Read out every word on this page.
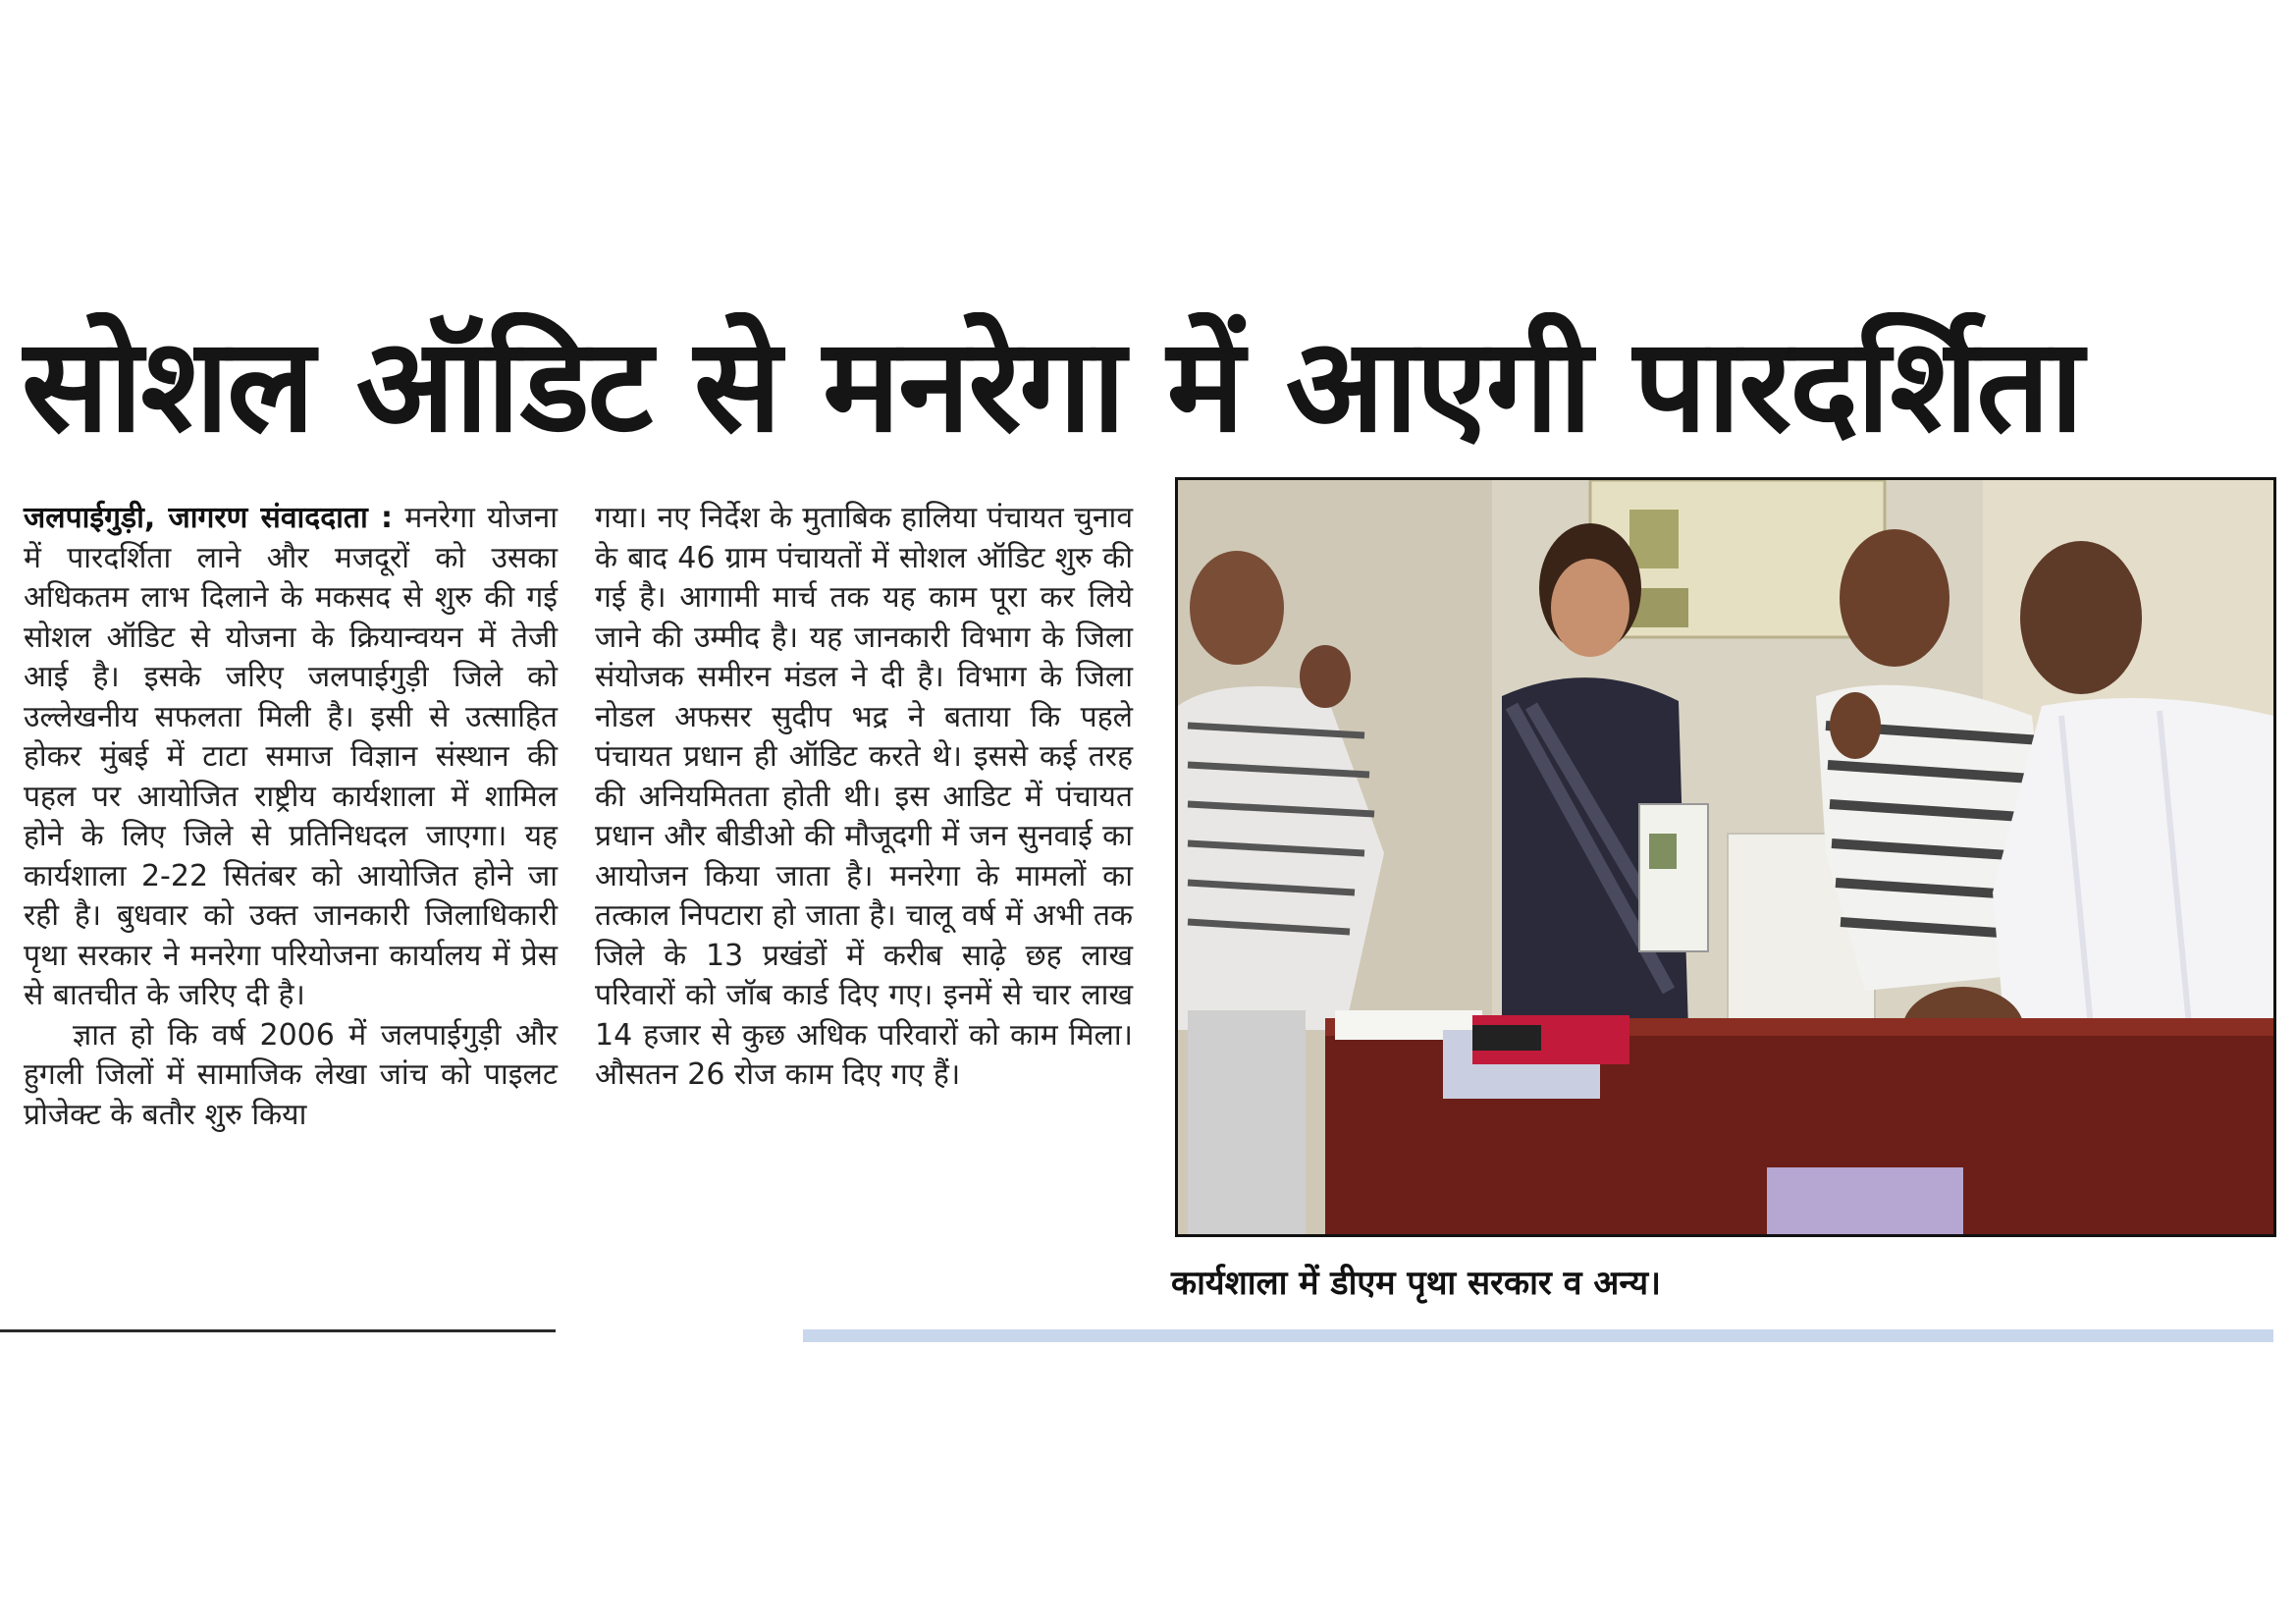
सोशल ऑडिट से मनरेगा में आएगी पारदर्शिता

जलपाईगुड़ी, जागरण संवाददाता : मनरेगा योजना में पारदर्शिता लाने और मजदूरों को उसका अधिकतम लाभ दिलाने के मकसद से शुरु की गई सोशल ऑडिट से योजना के क्रियान्वयन में तेजी आई है। इसके जरिए जलपाईगुड़ी जिले को उल्लेखनीय सफलता मिली है। इसी से उत्साहित होकर मुंबई में टाटा समाज विज्ञान संस्थान की पहल पर आयोजित राष्ट्रीय कार्यशाला में शामिल होने के लिए जिले से प्रतिनिधदल जाएगा। यह कार्यशाला 2-22 सितंबर को आयोजित होने जा रही है। बुधवार को उक्त जानकारी जिलाधिकारी पृथा सरकार ने मनरेगा परियोजना कार्यालय में प्रेस से बातचीत के जरिए दी है।

ज्ञात हो कि वर्ष 2006 में जलपाईगुड़ी और हुगली जिलों में सामाजिक लेखा जांच को पाइलट प्रोजेक्ट के बतौर शुरु किया

गया। नए निर्देश के मुताबिक हालिया पंचायत चुनाव के बाद 46 ग्राम पंचायतों में सोशल ऑडिट शुरु की गई है। आगामी मार्च तक यह काम पूरा कर लिये जाने की उम्मीद है। यह जानकारी विभाग के जिला संयोजक समीरन मंडल ने दी है। विभाग के जिला नोडल अफसर सुदीप भद्र ने बताया कि पहले पंचायत प्रधान ही ऑडिट करते थे। इससे कई तरह की अनियमितता होती थी। इस आडिट में पंचायत प्रधान और बीडीओ की मौजूदगी में जन सुनवाई का आयोजन किया जाता है। मनरेगा के मामलों का तत्काल निपटारा हो जाता है। चालू वर्ष में अभी तक जिले के 13 प्रखंडों में करीब साढ़े छह लाख परिवारों को जॉब कार्ड दिए गए। इनमें से चार लाख 14 हजार से कुछ अधिक परिवारों को काम मिला। औसतन 26 रोज काम दिए गए हैं।

कार्यशाला में डीएम पृथा सरकार व अन्य।
